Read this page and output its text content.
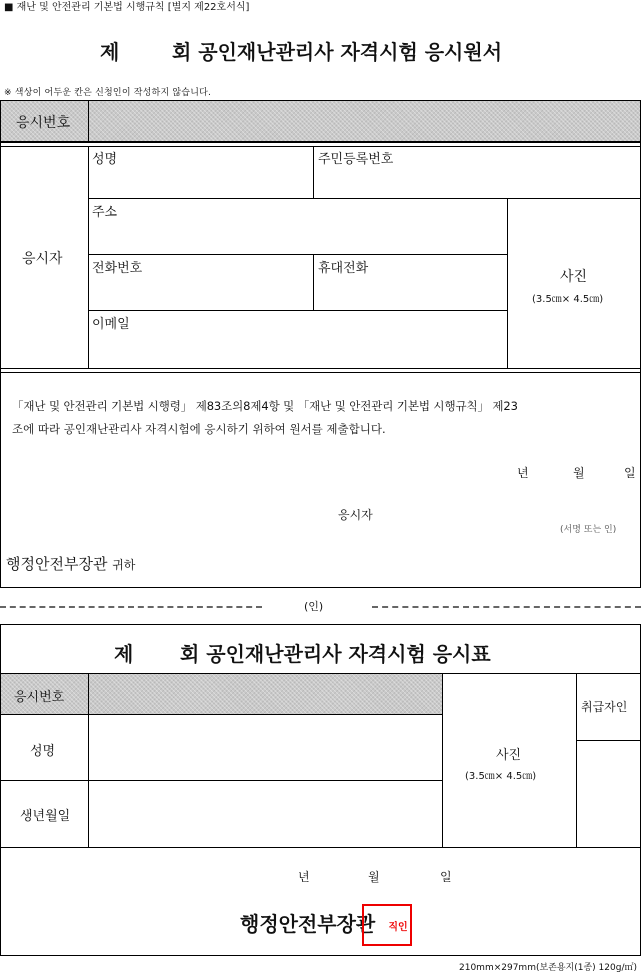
■ 재난 및 안전관리 기본법 시행규칙 [별지 제22호서식]
제	회 공인재난관리사 자격시험 응시원서
※ 색상이 어두운 칸은 신청인이 작성하지 않습니다.
응시번호
응시자
성명	주민등록번호
주소
전화번호	휴대전화
이메일
사진
(3.5㎝× 4.5㎝)
「재난 및 안전관리 기본법 시행령」 제83조의8제4항 및 「재난 및 안전관리 기본법 시행규칙」 제23
조에 따라 공인재난관리사 자격시험에 응시하기 위하여 원서를 제출합니다.
년	월	일
응시자
(서명 또는 인)
행정안전부장관 귀하
(인)
제 회 공인재난관리사 자격시험 응시표
응시번호
성명
생년월일
사진
(3.5㎝× 4.5㎝)
취급자인
년	월	일
행정안전부장관 직인
210mm×297mm(보존용지(1종) 120g/㎡)
